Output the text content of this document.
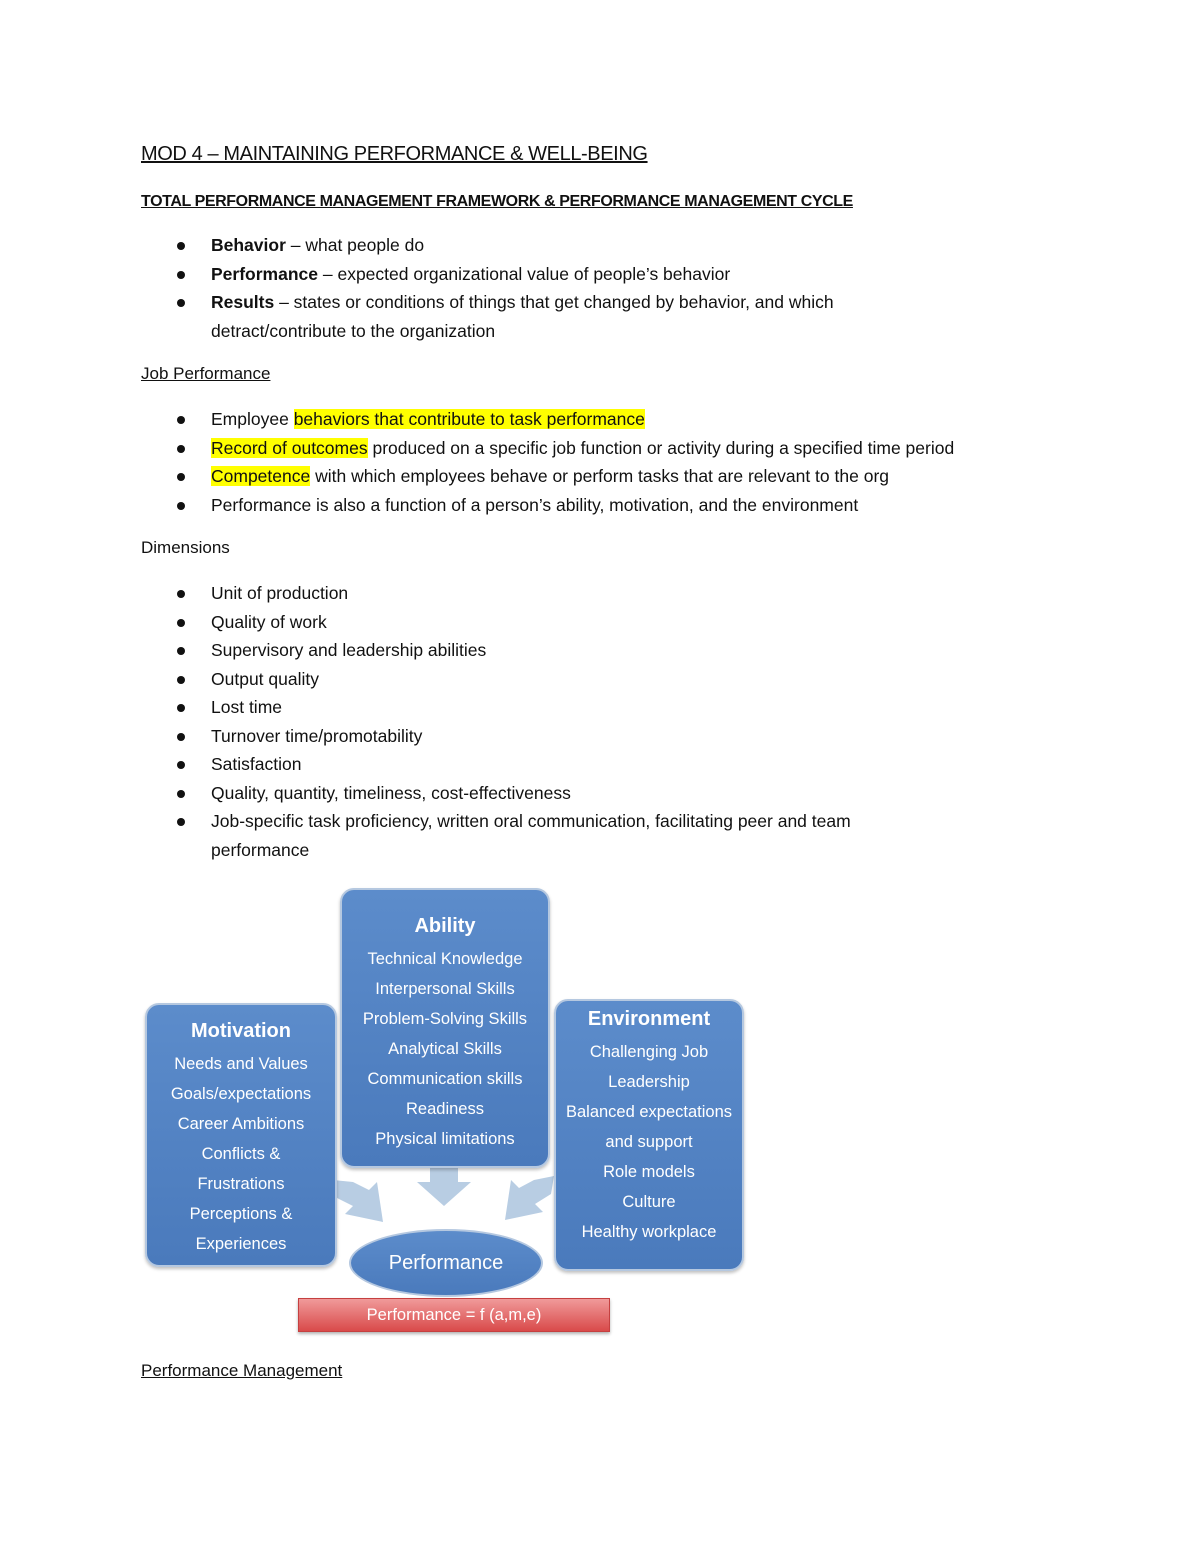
MOD 4 – MAINTAINING PERFORMANCE & WELL-BEING
TOTAL PERFORMANCE MANAGEMENT FRAMEWORK & PERFORMANCE MANAGEMENT CYCLE
Behavior – what people do
Performance – expected organizational value of people’s behavior
Results – states or conditions of things that get changed by behavior, and which
detract/contribute to the organization
Job Performance
Employee behaviors that contribute to task performance
Record of outcomes produced on a specific job function or activity during a specified time period
Competence with which employees behave or perform tasks that are relevant to the org
Performance is also a function of a person’s ability, motivation, and the environment
Dimensions
Unit of production
Quality of work
Supervisory and leadership abilities
Output quality
Lost time
Turnover time/promotability
Satisfaction
Quality, quantity, timeliness, cost-effectiveness
Job-specific task proficiency, written oral communication, facilitating peer and team
performance
Ability
Technical Knowledge
Interpersonal Skills
Problem-Solving Skills
Analytical Skills
Communication skills
Readiness
Physical limitations
Motivation
Needs and Values
Goals/expectations
Career Ambitions
Conflicts &
Frustrations
Perceptions &
Experiences
Environment
Challenging Job
Leadership
Balanced expectations
and support
Role models
Culture
Healthy workplace
Performance
Performance = f (a,m,e)
Performance Management
